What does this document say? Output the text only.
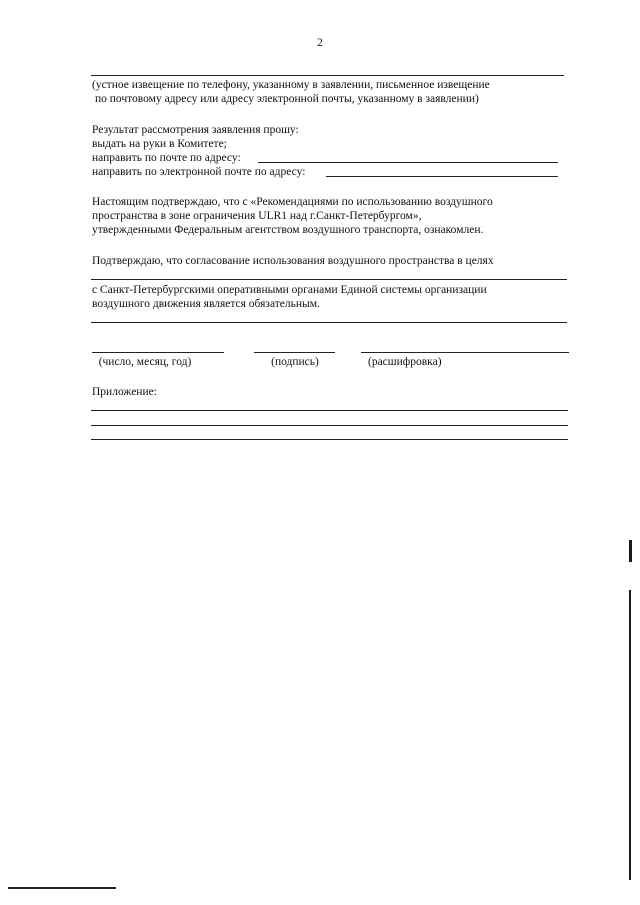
2
(устное извещение по телефону, указанному в заявлении, письменное извещение
по почтовому адресу или адресу электронной почты, указанному в заявлении)
Результат рассмотрения заявления прошу:
выдать на руки в Комитете;
направить по почте по адресу:
направить по электронной почте по адресу:
Настоящим подтверждаю, что с «Рекомендациями по использованию воздушного
пространства в зоне ограничения ULR1 над г.Санкт-Петербургом»,
утвержденными Федеральным агентством воздушного транспорта, ознакомлен.
Подтверждаю, что согласование использования воздушного пространства в целях
с Санкт-Петербургскими оперативными органами Единой системы организации
воздушного движения является обязательным.
(число, месяц, год)	(подпись)	(расшифровка)
Приложение:
